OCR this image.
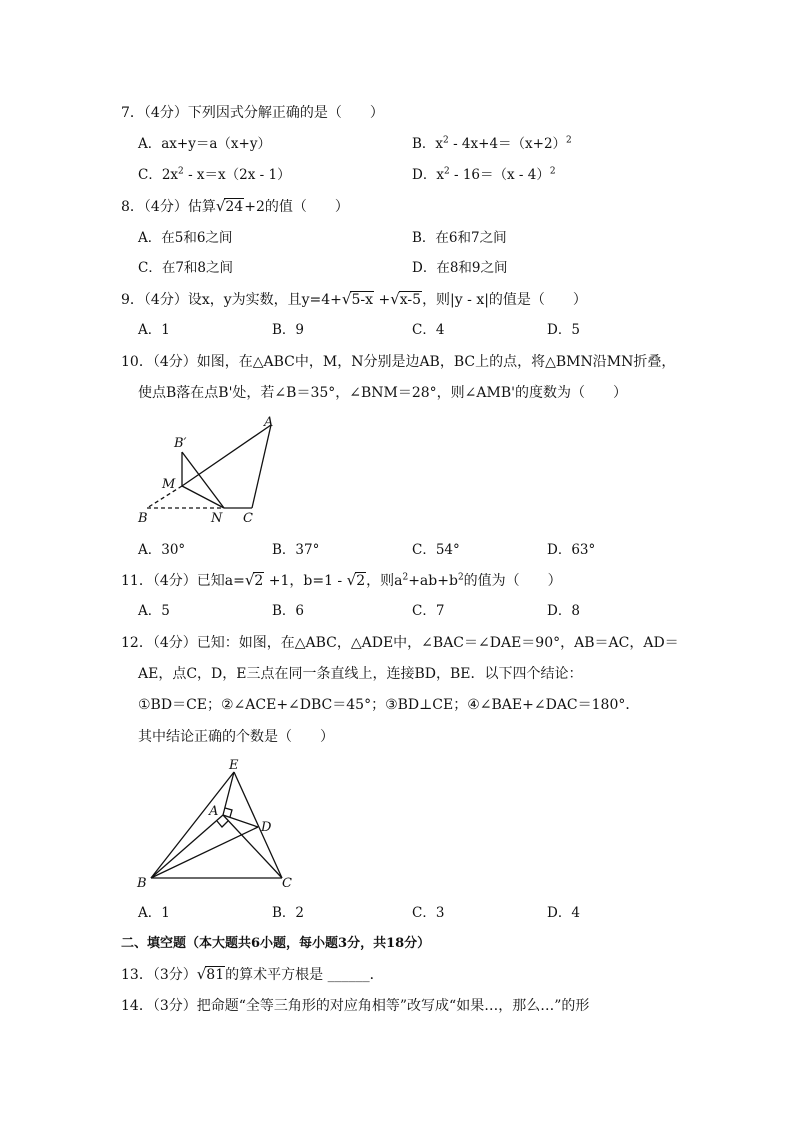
7．（4分）下列因式分解正确的是（　　）
A．ax+y＝a（x+y）	B．$x^2 - 4x+4=(x+2)^2$
C．$2x^2 - x=x(2x - 1)$	D．$x^2 - 16=(x - 4)^2$
8．（4分）估算√24+2的值（　　）
A．在5和6之间	B．在6和7之间
C．在7和8之间	D．在8和9之间
9．（4分）设x，y为实数，且y=4+√5-x +√x-5，则|y - x|的值是（　　）
A．1	B．9	C．4	D．5
10．（4分）如图，在△ABC中，M，N分别是边AB，BC上的点，将△BMN沿MN折叠，
使点B落在点B'处，若∠B＝35°，∠BNM＝28°，则∠AMB'的度数为（　　）
A
B′
M
B	N C
A．30°	B．37°	C．54°	D．63°
11．（4分）已知a=√2 +1，b=1 - √2，则$a^2+ab+b^2$的值为（　　）
A．5	B．6	C．7	D．8
12．（4分）已知：如图，在△ABC，△ADE中，∠BAC＝∠DAE＝90°，AB＝AC，AD＝
AE，点C，D，E三点在同一条直线上，连接BD，BE．以下四个结论：
①BD＝CE；②∠ACE+∠DBC＝45°；③BD⊥CE；④∠BAE+∠DAC＝180°．
其中结论正确的个数是（　　）
E
A
D
B	C
A．1	B．2	C．3	D．4
二、填空题（本大题共6小题，每小题3分，共18分）
13．（3分）√81的算术平方根是 ______．
14．（3分）把命题“全等三角形的对应角相等”改写成“如果…，那么…”的形
